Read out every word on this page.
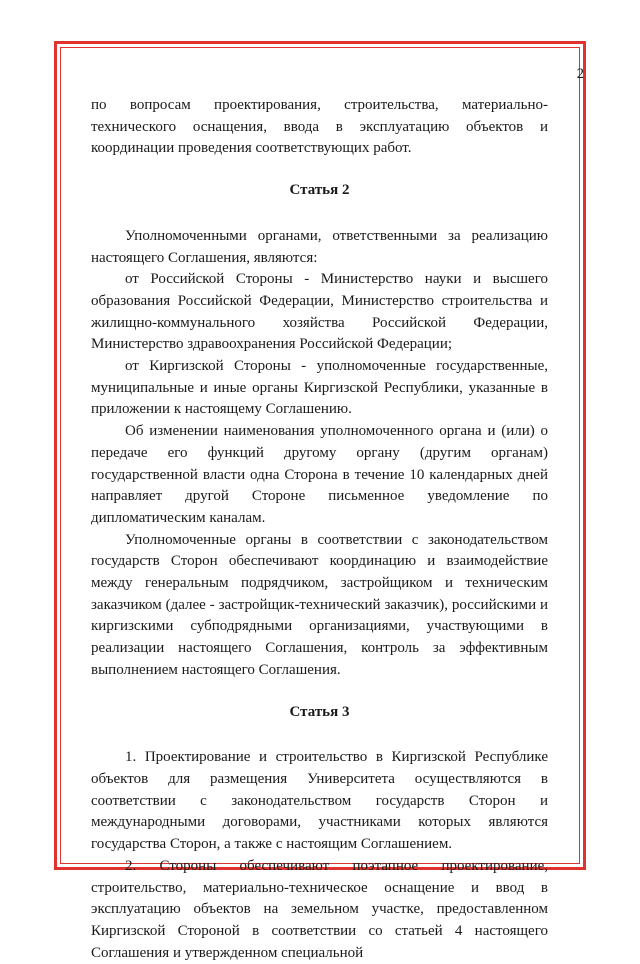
2

по вопросам проектирования, строительства, материально-технического оснащения, ввода в эксплуатацию объектов и координации проведения соответствующих работ.

Статья 2

Уполномоченными органами, ответственными за реализацию настоящего Соглашения, являются:

от Российской Стороны - Министерство науки и высшего образования Российской Федерации, Министерство строительства и жилищно-коммунального хозяйства Российской Федерации, Министерство здравоохранения Российской Федерации;

от Киргизской Стороны - уполномоченные государственные, муниципальные и иные органы Киргизской Республики, указанные в приложении к настоящему Соглашению.

Об изменении наименования уполномоченного органа и (или) о передаче его функций другому органу (другим органам) государственной власти одна Сторона в течение 10 календарных дней направляет другой Стороне письменное уведомление по дипломатическим каналам.

Уполномоченные органы в соответствии с законодательством государств Сторон обеспечивают координацию и взаимодействие между генеральным подрядчиком, застройщиком и техническим заказчиком (далее - застройщик-технический заказчик), российскими и киргизскими субподрядными организациями, участвующими в реализации настоящего Соглашения, контроль за эффективным выполнением настоящего Соглашения.

Статья 3

1. Проектирование и строительство в Киргизской Республике объектов для размещения Университета осуществляются в соответствии с законодательством государств Сторон и международными договорами, участниками которых являются государства Сторон, а также с настоящим Соглашением.

2. Стороны обеспечивают поэтапное проектирование, строительство, материально-техническое оснащение и ввод в эксплуатацию объектов на земельном участке, предоставленном Киргизской Стороной в соответствии со статьей 4 настоящего Соглашения и утвержденном специальной
